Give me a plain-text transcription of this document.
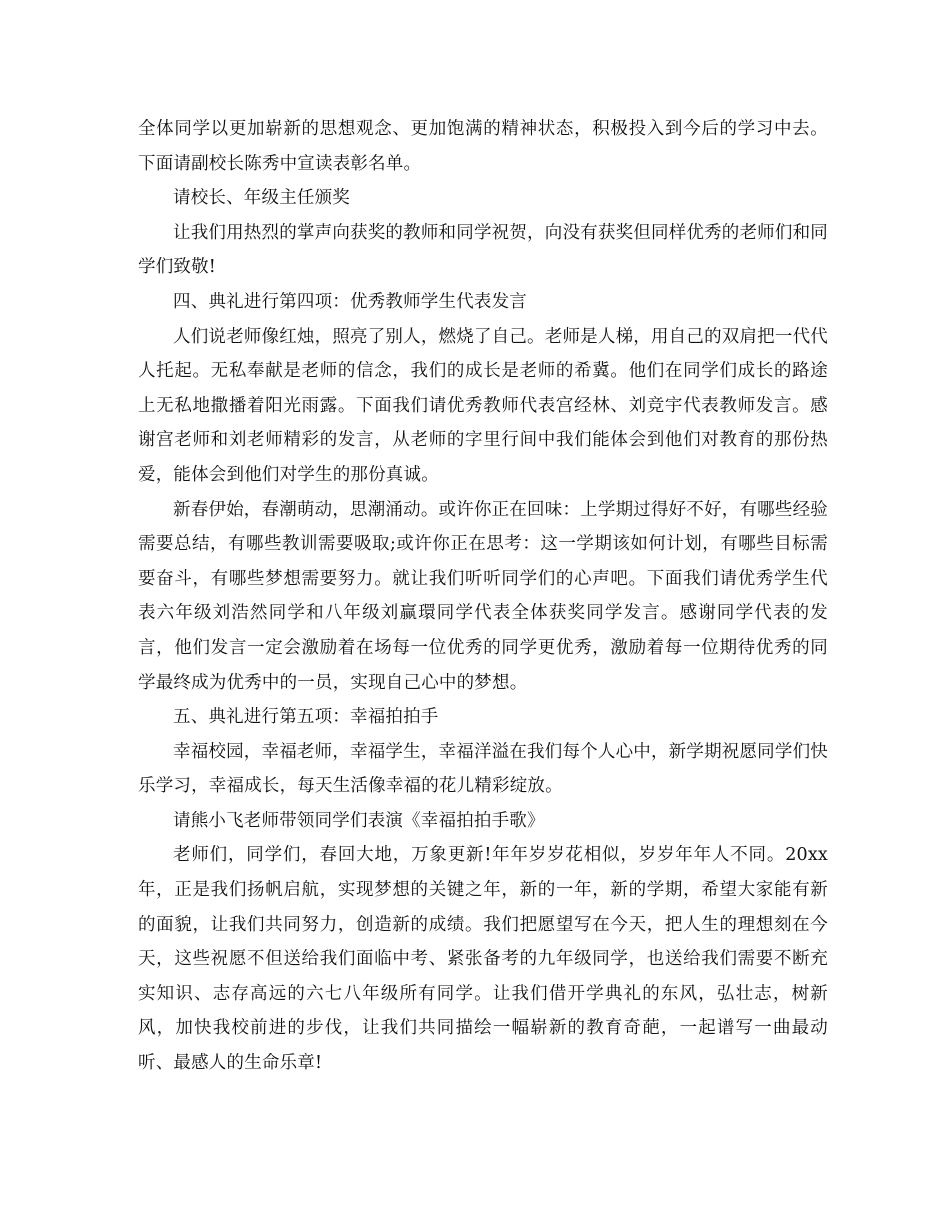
全体同学以更加崭新的思想观念、更加饱满的精神状态，积极投入到今后的学习中去。下面请副校长陈秀中宣读表彰名单。

请校长、年级主任颁奖

让我们用热烈的掌声向获奖的教师和同学祝贺，向没有获奖但同样优秀的老师们和同学们致敬!

四、典礼进行第四项：优秀教师学生代表发言

人们说老师像红烛，照亮了别人，燃烧了自己。老师是人梯，用自己的双肩把一代代人托起。无私奉献是老师的信念，我们的成长是老师的希冀。他们在同学们成长的路途上无私地撒播着阳光雨露。下面我们请优秀教师代表宫经林、刘竞宇代表教师发言。感谢宫老师和刘老师精彩的发言，从老师的字里行间中我们能体会到他们对教育的那份热爱，能体会到他们对学生的那份真诚。

新春伊始，春潮萌动，思潮涌动。或许你正在回味：上学期过得好不好，有哪些经验需要总结，有哪些教训需要吸取;或许你正在思考：这一学期该如何计划，有哪些目标需要奋斗，有哪些梦想需要努力。就让我们听听同学们的心声吧。下面我们请优秀学生代表六年级刘浩然同学和八年级刘赢環同学代表全体获奖同学发言。感谢同学代表的发言，他们发言一定会激励着在场每一位优秀的同学更优秀，激励着每一位期待优秀的同学最终成为优秀中的一员，实现自己心中的梦想。

五、典礼进行第五项：幸福拍拍手

幸福校园，幸福老师，幸福学生，幸福洋溢在我们每个人心中，新学期祝愿同学们快乐学习，幸福成长，每天生活像幸福的花儿精彩绽放。

请熊小飞老师带领同学们表演《幸福拍拍手歌》

老师们，同学们，春回大地，万象更新!年年岁岁花相似，岁岁年年人不同。20xx年，正是我们扬帆启航，实现梦想的关键之年，新的一年，新的学期，希望大家能有新的面貌，让我们共同努力，创造新的成绩。我们把愿望写在今天，把人生的理想刻在今天，这些祝愿不但送给我们面临中考、紧张备考的九年级同学，也送给我们需要不断充实知识、志存高远的六七八年级所有同学。让我们借开学典礼的东风，弘壮志，树新风，加快我校前进的步伐，让我们共同描绘一幅崭新的教育奇葩，一起谱写一曲最动听、最感人的生命乐章!
